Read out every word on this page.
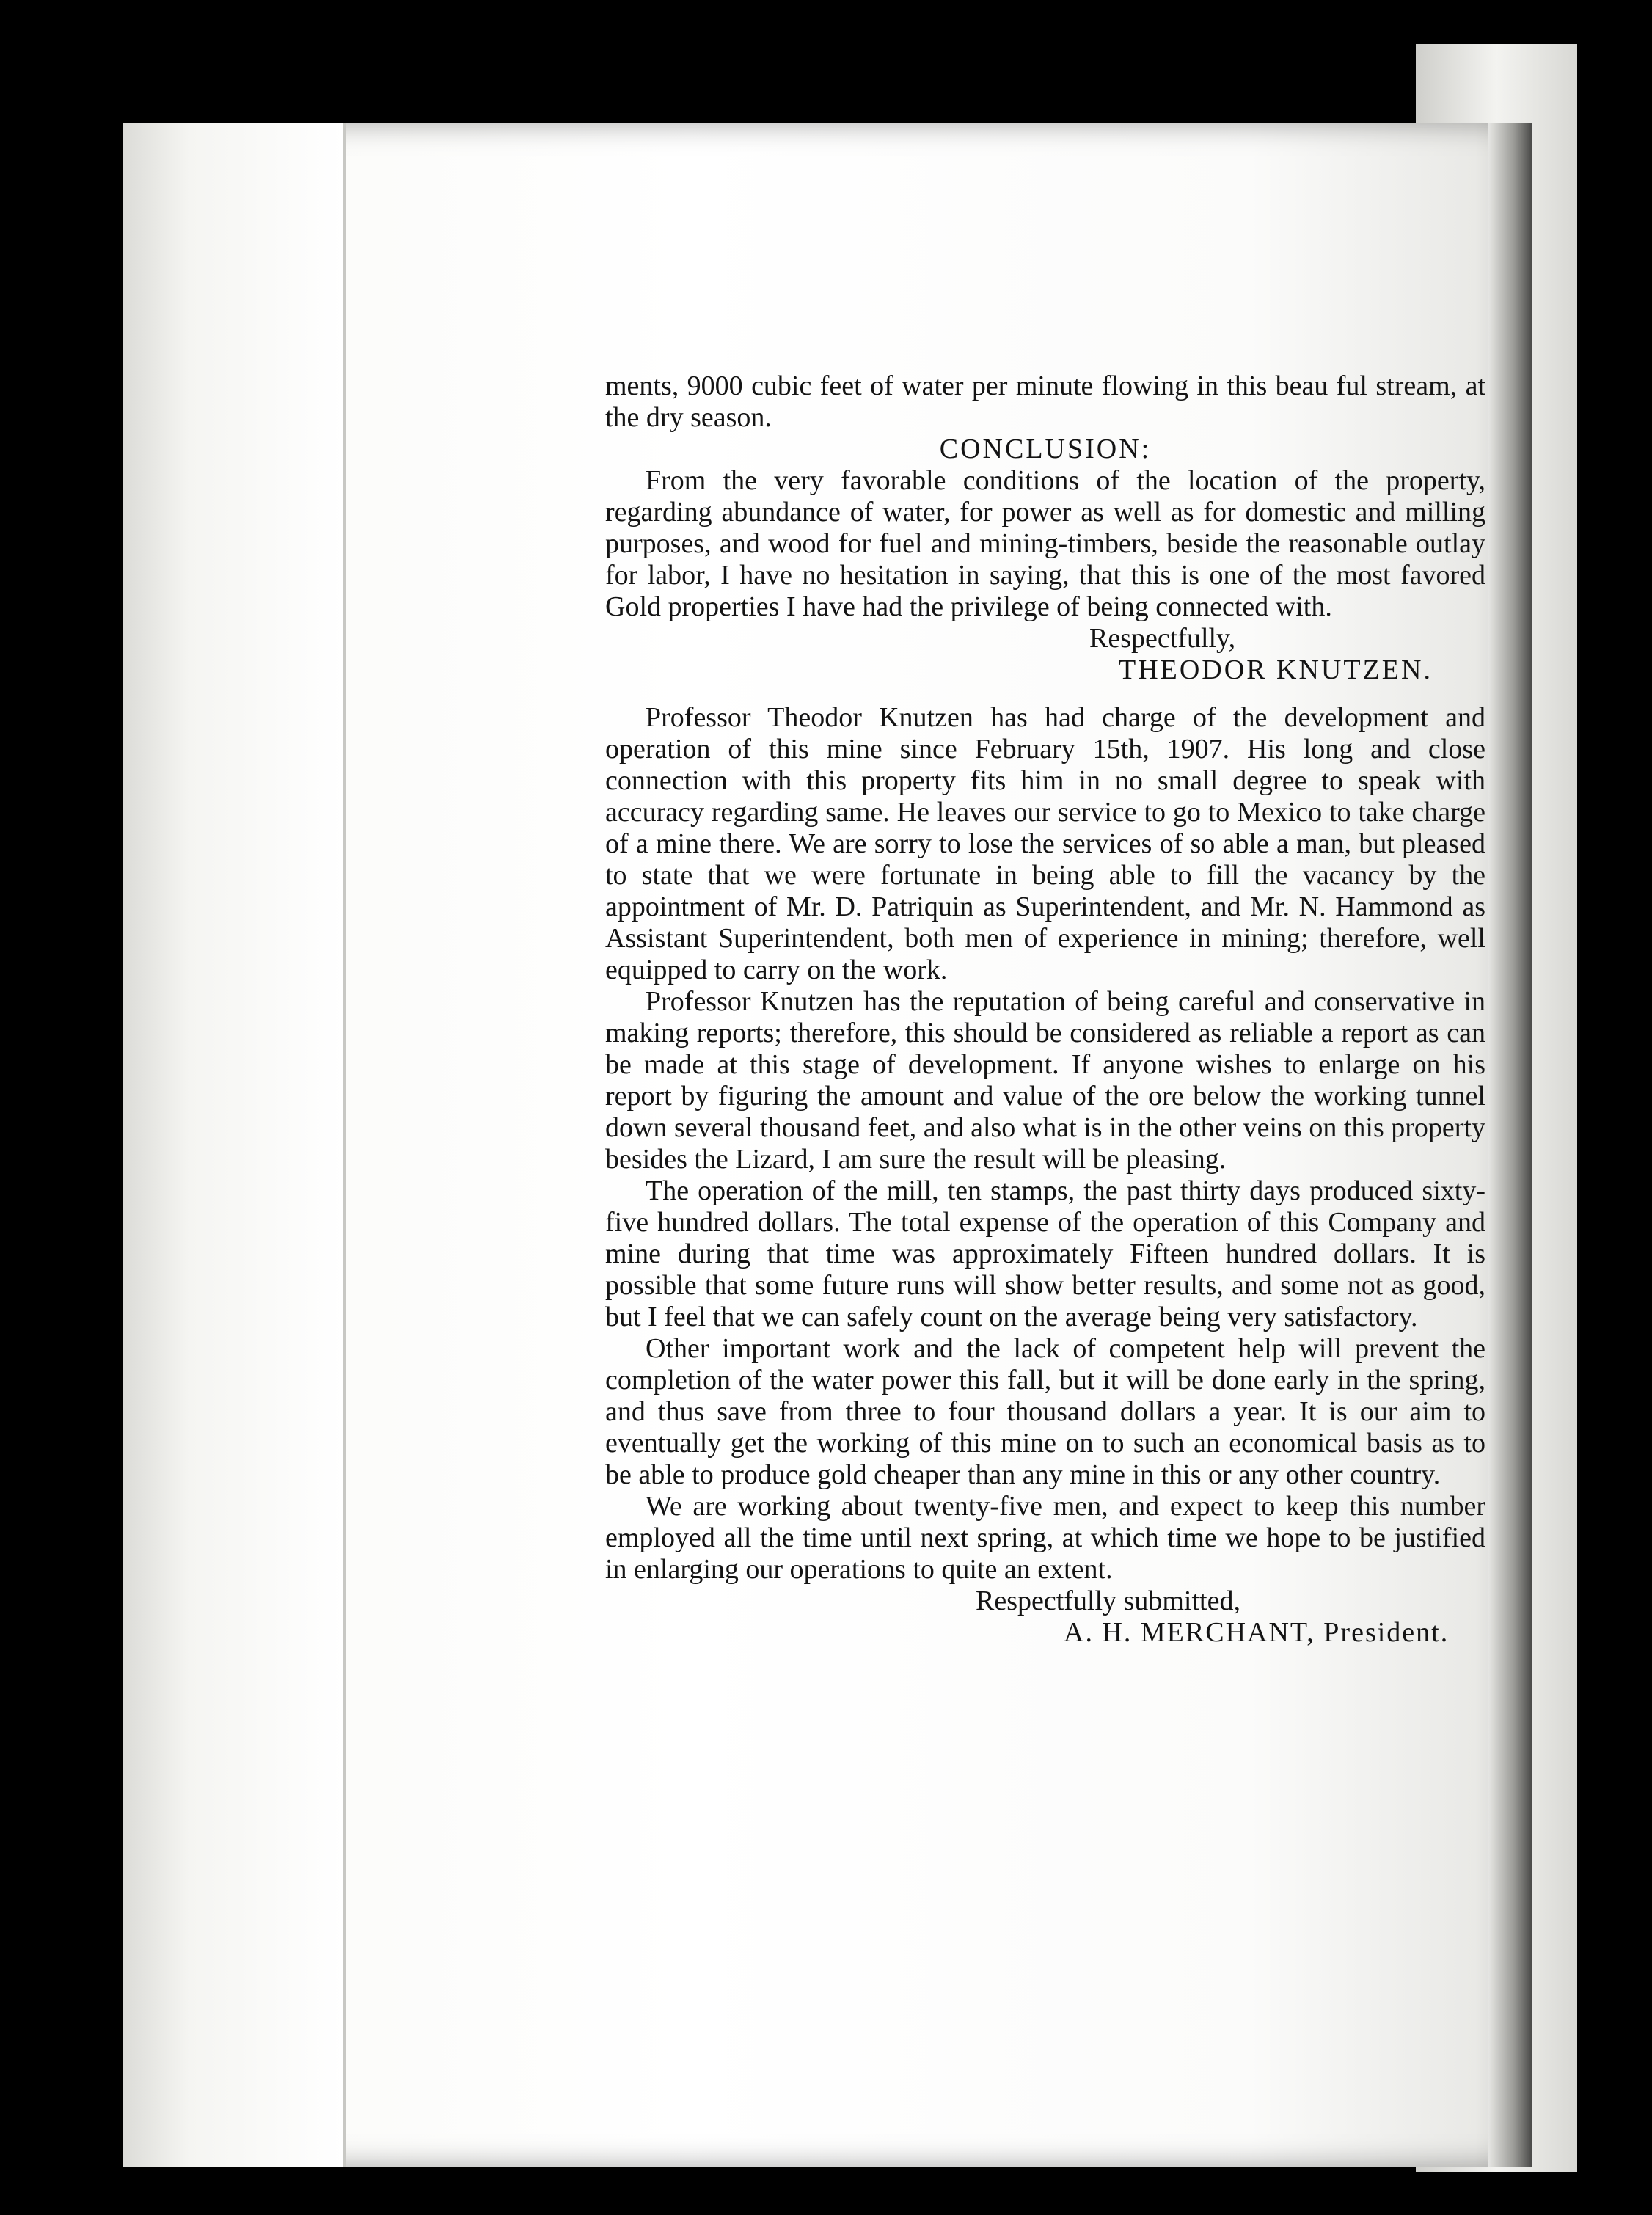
ments, 9000 cubic feet of water per minute flowing in this beau ful stream, at the dry season.

CONCLUSION:

From the very favorable conditions of the location of the property, regarding abundance of water, for power as well as for domestic and milling purposes, and wood for fuel and mining-timbers, beside the reasonable outlay for labor, I have no hesitation in saying, that this is one of the most favored Gold properties I have had the privilege of being connected with.

Respectfully,

THEODOR KNUTZEN.

Professor Theodor Knutzen has had charge of the development and operation of this mine since February 15th, 1907. His long and close connection with this property fits him in no small degree to speak with accuracy regarding same. He leaves our service to go to Mexico to take charge of a mine there. We are sorry to lose the services of so able a man, but pleased to state that we were fortunate in being able to fill the vacancy by the appointment of Mr. D. Patriquin as Superintendent, and Mr. N. Hammond as Assistant Superintendent, both men of experience in mining; therefore, well equipped to carry on the work.

Professor Knutzen has the reputation of being careful and conservative in making reports; therefore, this should be considered as reliable a report as can be made at this stage of development. If anyone wishes to enlarge on his report by figuring the amount and value of the ore below the working tunnel down several thousand feet, and also what is in the other veins on this property besides the Lizard, I am sure the result will be pleasing.

The operation of the mill, ten stamps, the past thirty days produced sixty-five hundred dollars. The total expense of the operation of this Company and mine during that time was approximately Fifteen hundred dollars. It is possible that some future runs will show better results, and some not as good, but I feel that we can safely count on the average being very satisfactory.

Other important work and the lack of competent help will prevent the completion of the water power this fall, but it will be done early in the spring, and thus save from three to four thousand dollars a year. It is our aim to eventually get the working of this mine on to such an economical basis as to be able to produce gold cheaper than any mine in this or any other country.

We are working about twenty-five men, and expect to keep this number employed all the time until next spring, at which time we hope to be justified in enlarging our operations to quite an extent.

Respectfully submitted,

A. H. MERCHANT, President.
